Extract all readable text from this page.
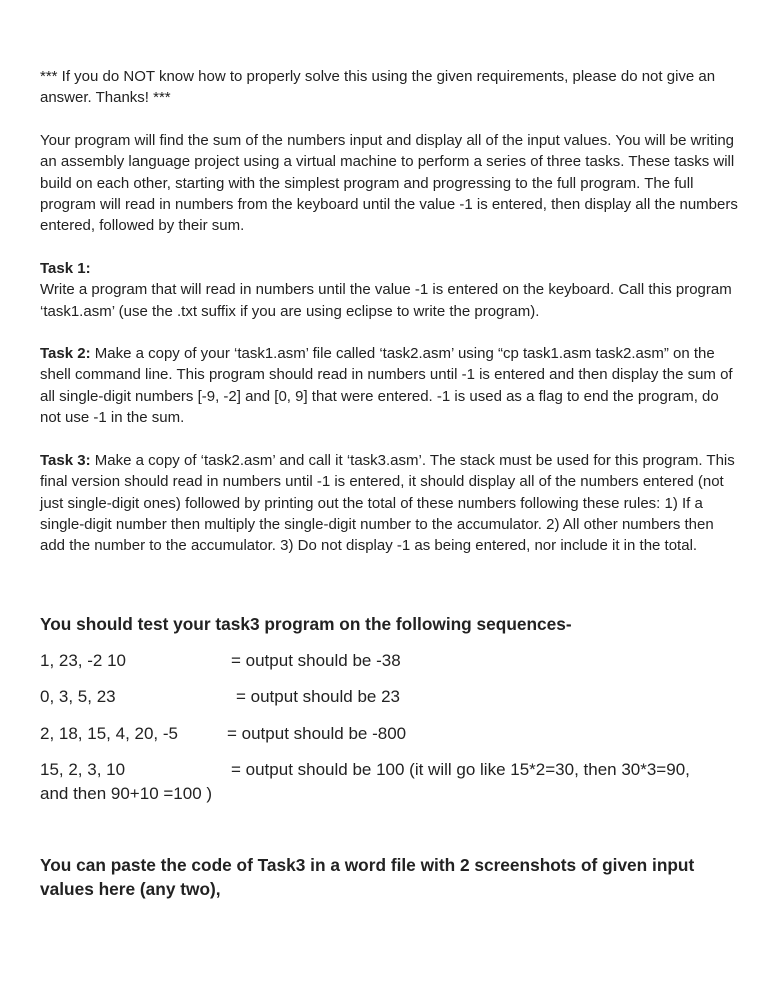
*** If you do NOT know how to properly solve this using the given requirements, please do not give an answer. Thanks! ***

Your program will find the sum of the numbers input and display all of the input values. You will be writing an assembly language project using a virtual machine to perform a series of three tasks. These tasks will build on each other, starting with the simplest program and progressing to the full program. The full program will read in numbers from the keyboard until the value -1 is entered, then display all the numbers entered, followed by their sum.

Task 1:

Write a program that will read in numbers until the value -1 is entered on the keyboard. Call this program ‘task1.asm’ (use the .txt suffix if you are using eclipse to write the program).

Task 2: Make a copy of your ‘task1.asm’ file called ‘task2.asm’ using “cp task1.asm task2.asm” on the shell command line. This program should read in numbers until -1 is entered and then display the sum of all single-digit numbers [-9, -2] and [0, 9] that were entered. -1 is used as a flag to end the program, do not use -1 in the sum.

Task 3: Make a copy of ‘task2.asm’ and call it ‘task3.asm’. The stack must be used for this program. This final version should read in numbers until -1 is entered, it should display all of the numbers entered (not just single-digit ones) followed by printing out the total of these numbers following these rules: 1) If a single-digit number then multiply the single-digit number to the accumulator. 2) All other numbers then add the number to the accumulator. 3) Do not display -1 as being entered, nor include it in the total.

You should test your task3 program on the following sequences-

1, 23, -2 10	= output should be -38
0, 3, 5, 23	= output should be 23
2, 18, 15, 4, 20, -5	= output should be -800
15, 2, 3, 10	= output should be 100 (it will go like 15*2=30, then 30*3=90,
and then 90+10 =100 )

You can paste the code of Task3 in a word file with 2 screenshots of given input values here (any two),
